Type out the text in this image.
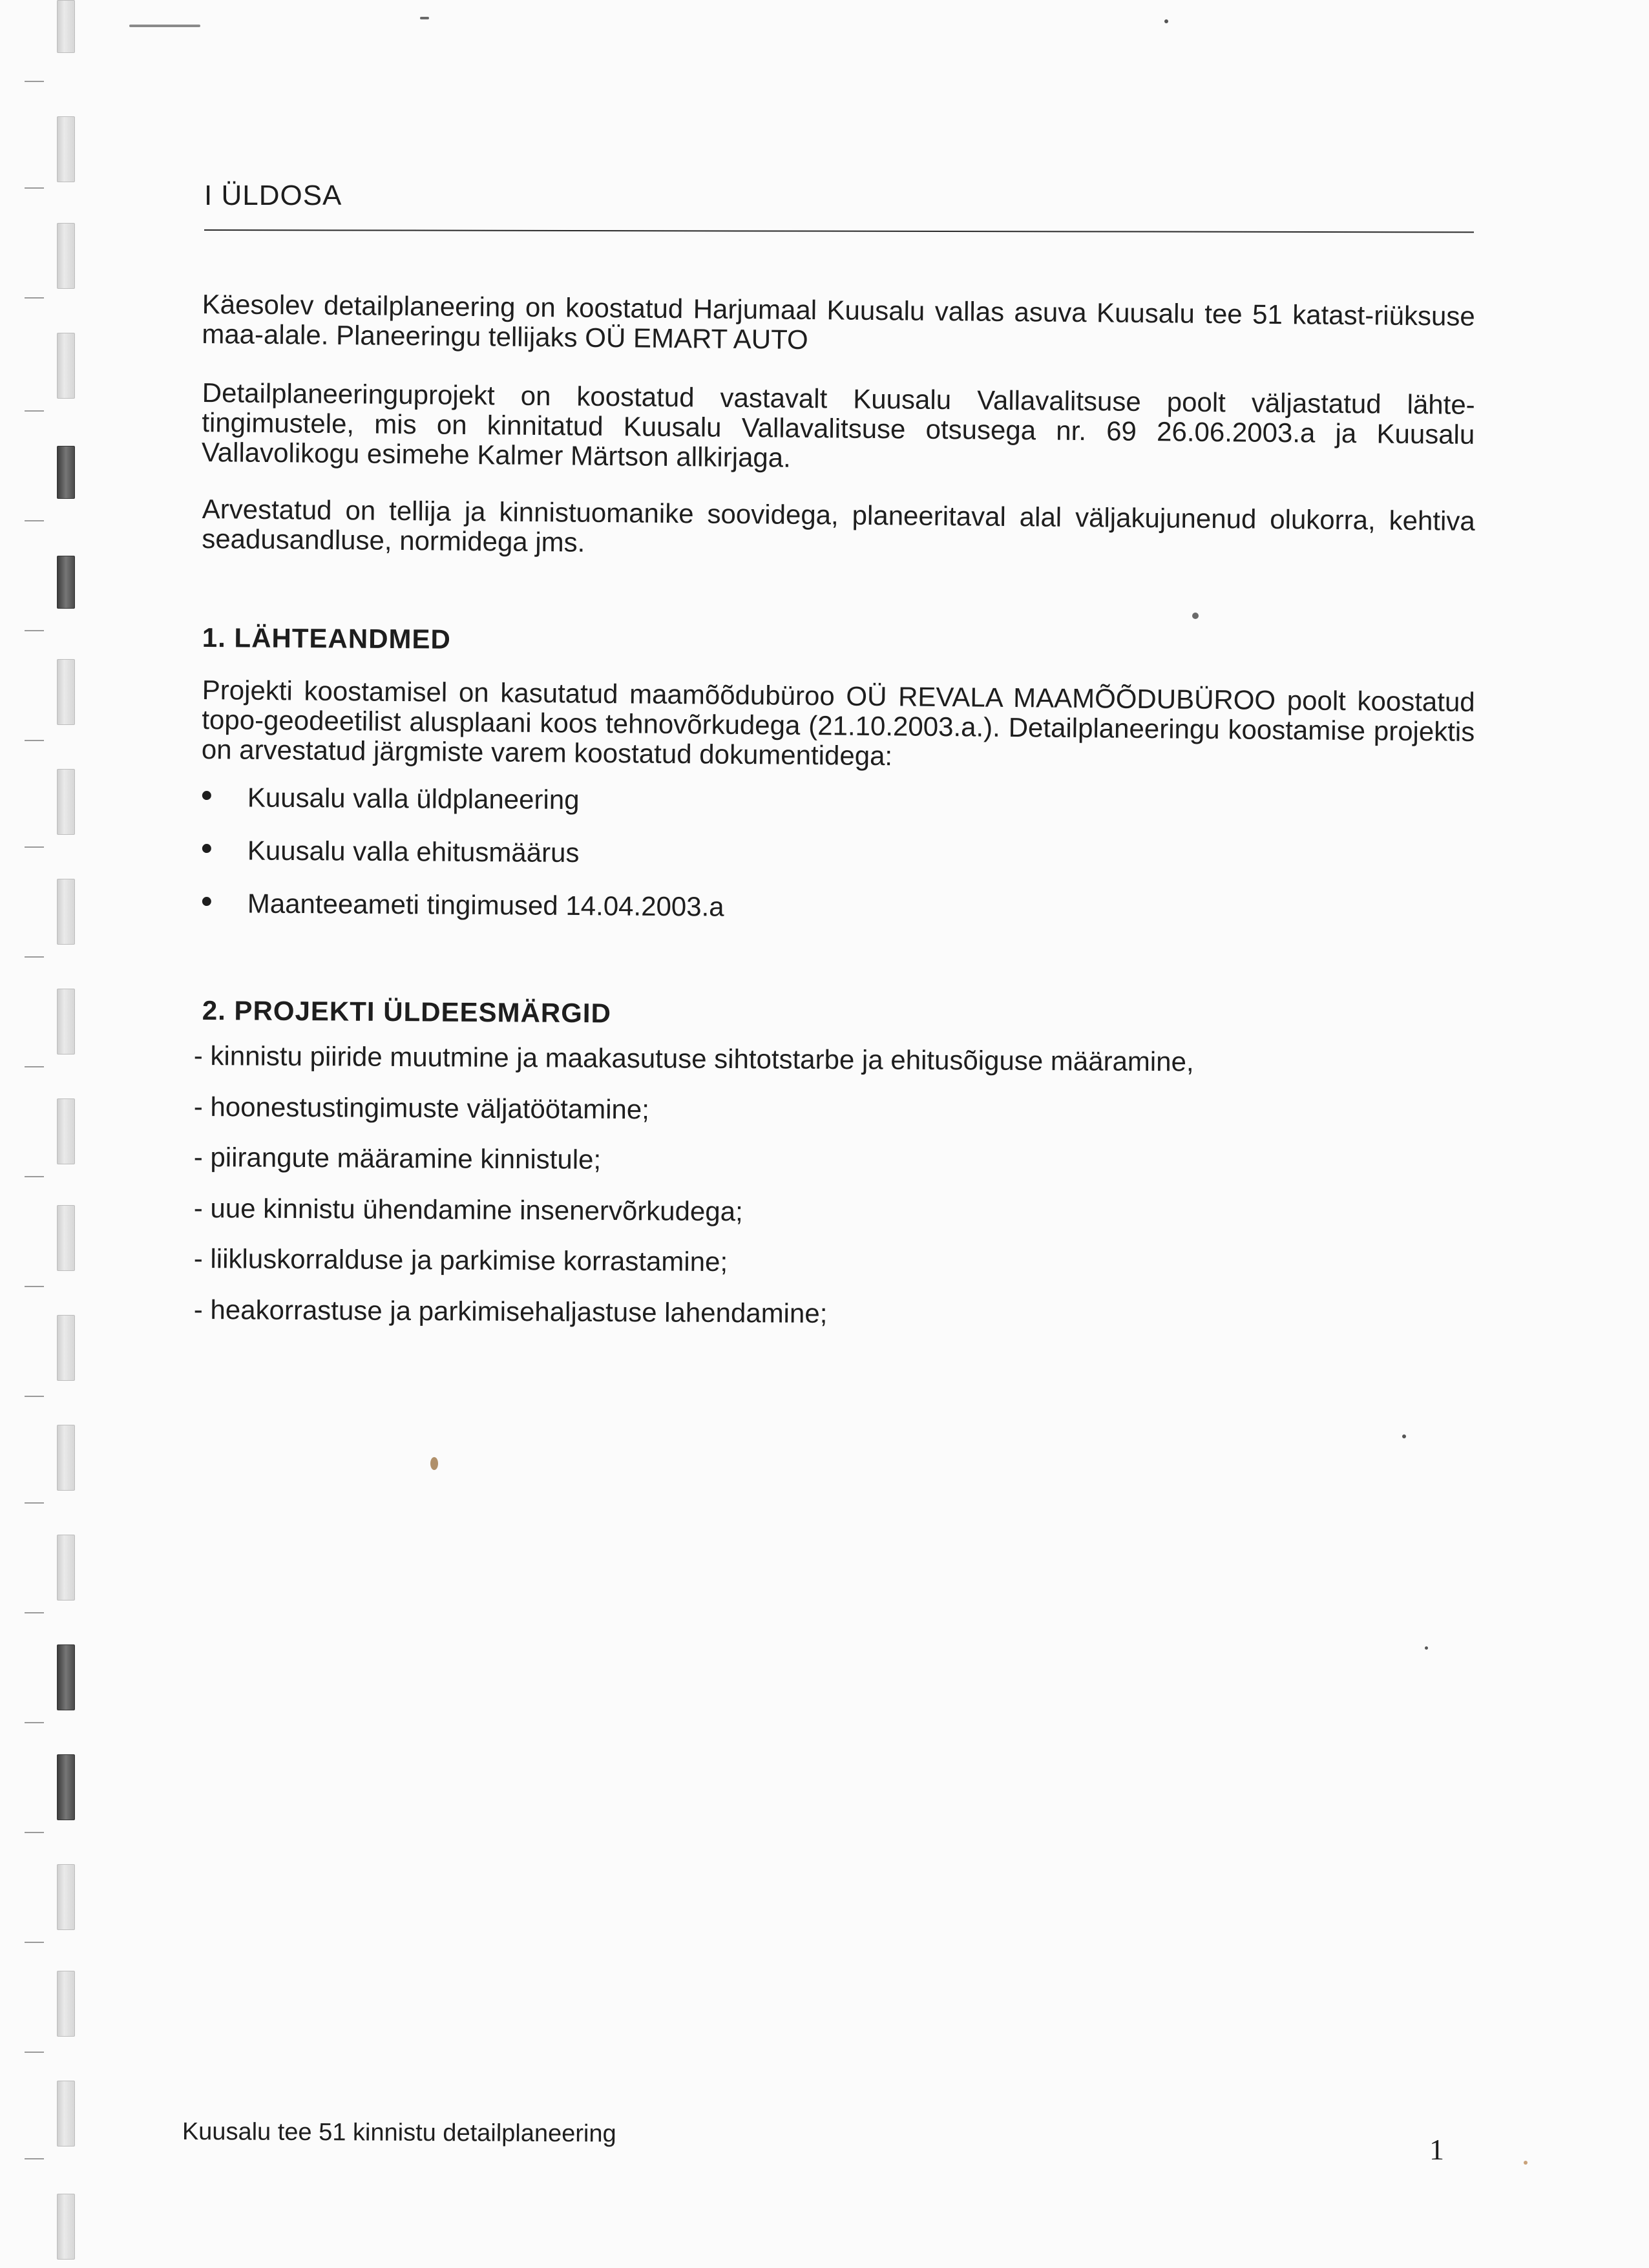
I ÜLDOSA
Käesolev detailplaneering on koostatud Harjumaal Kuusalu vallas asuva Kuusalu tee 51 katast-riüksuse maa-alale. Planeeringu tellijaks OÜ EMART AUTO
Detailplaneeringuprojekt on koostatud vastavalt Kuusalu Vallavalitsuse poolt väljastatud lähte-tingimustele, mis on kinnitatud Kuusalu Vallavalitsuse otsusega nr. 69 26.06.2003.a ja Kuusalu Vallavolikogu esimehe Kalmer Märtson allkirjaga.
Arvestatud on tellija ja kinnistuomanike soovidega, planeeritaval alal väljakujunenud olukorra, kehtiva seadusandluse, normidega jms.
1. LÄHTEANDMED
Projekti koostamisel on kasutatud maamõõdubüroo OÜ REVALA MAAMÕÕDUBÜROO poolt koostatud topo-geodeetilist alusplaani koos tehnovõrkudega (21.10.2003.a.). Detailplaneeringu koostamise projektis on arvestatud järgmiste varem koostatud dokumentidega:
Kuusalu valla üldplaneering
Kuusalu valla ehitusmäärus
Maanteeameti tingimused 14.04.2003.a
2. PROJEKTI ÜLDEESMÄRGID
- kinnistu piiride muutmine ja maakasutuse sihtotstarbe ja ehitusõiguse määramine,
- hoonestustingimuste väljatöötamine;
- piirangute määramine kinnistule;
- uue kinnistu ühendamine insenervõrkudega;
- liikluskorralduse ja parkimise korrastamine;
- heakorrastuse ja parkimisehaljastuse lahendamine;
Kuusalu tee 51 kinnistu detailplaneering
1
